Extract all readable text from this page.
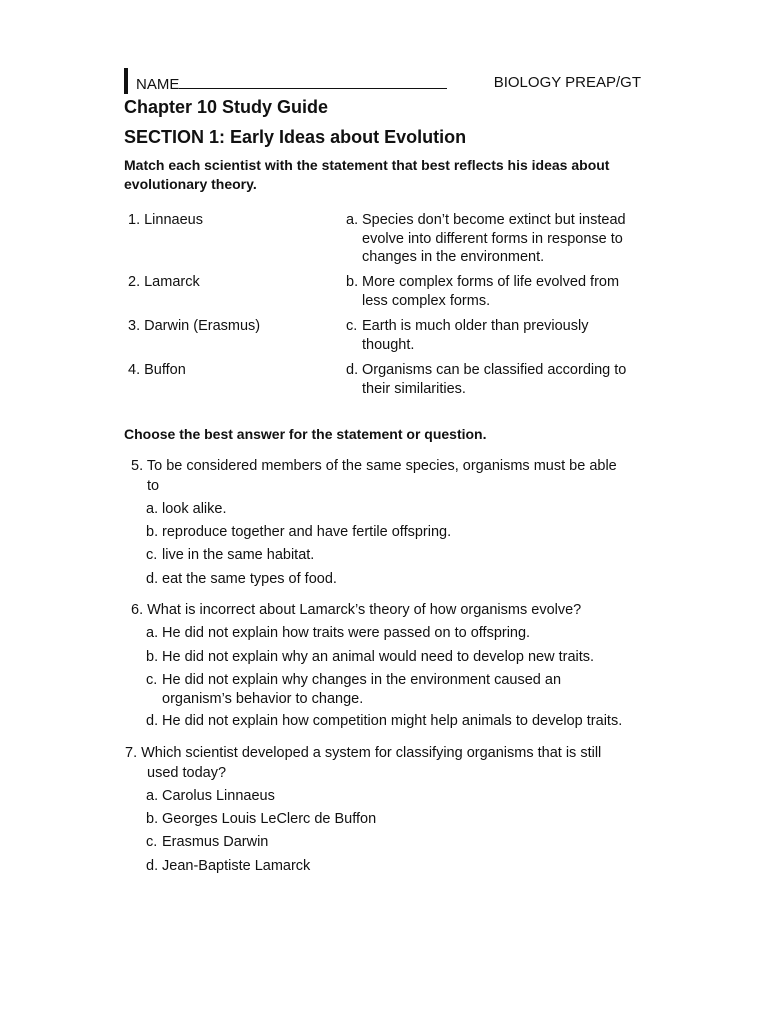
NAME	BIOLOGY PREAP/GT
Chapter 10 Study Guide
SECTION 1: Early Ideas about Evolution
Match each scientist with the statement that best reflects his ideas about evolutionary theory.
1. Linnaeus
2. Lamarck
3. Darwin (Erasmus)
4. Buffon
a. Species don’t become extinct but instead
evolve into different forms in response to
changes in the environment.
b. More complex forms of life evolved from
less complex forms.
c. Earth is much older than previously
thought.
d. Organisms can be classified according to
their similarities.
Choose the best answer for the statement or question.
5. To be considered members of the same species, organisms must be able
to
a. look alike.
b. reproduce together and have fertile offspring.
c. live in the same habitat.
d. eat the same types of food.
6. What is incorrect about Lamarck’s theory of how organisms evolve?
a. He did not explain how traits were passed on to offspring.
b. He did not explain why an animal would need to develop new traits.
c. He did not explain why changes in the environment caused an
organism’s behavior to change.
d. He did not explain how competition might help animals to develop traits.
7. Which scientist developed a system for classifying organisms that is still
used today?
a. Carolus Linnaeus
b. Georges Louis LeClerc de Buffon
c. Erasmus Darwin
d. Jean-Baptiste Lamarck
